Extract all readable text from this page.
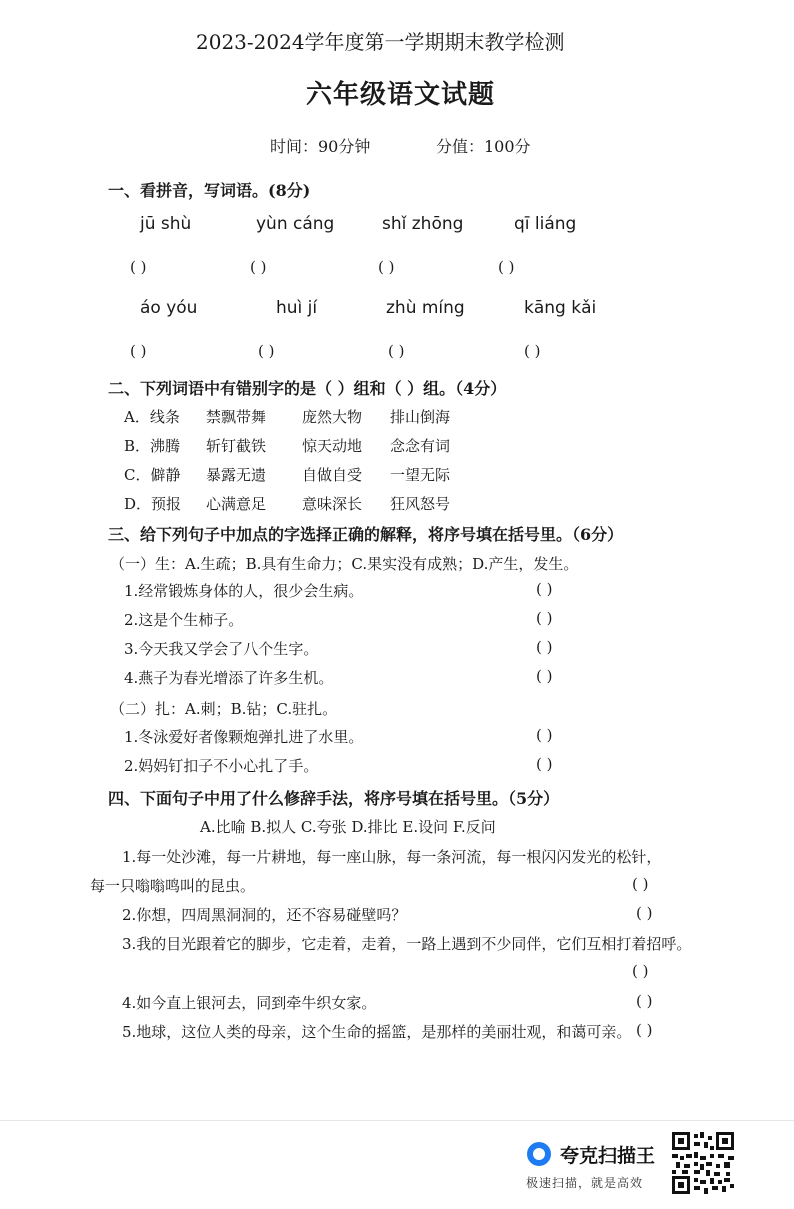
2023-2024学年度第一学期期末教学检测
六年级语文试题
时间：90分钟	分值：100分
一、看拼音，写词语。(8分)
jū shù	yùn cáng	shǐ zhōng	qī liáng
( )	( )	( )	( )
áo yóu	huì jí	zhù míng	kāng kǎi
( )	( )	( )	( )
二、下列词语中有错别字的是（ ）组和（ ）组。（4分）
A．线条 禁飘带舞 庞然大物 排山倒海
B．沸腾 斩钉截铁 惊天动地 念念有词
C．僻静 暴露无遗 自做自受 一望无际
D．预报 心满意足 意味深长 狂风怒号
三、给下列句子中加点的字选择正确的解释，将序号填在括号里。（6分）
（一）生：A.生疏；B.具有生命力；C.果实没有成熟；D.产生，发生。
1.经常锻炼身体的人，很少会生病。	( )
2.这是个生柿子。	( )
3.今天我又学会了八个生字。	( )
4.燕子为春光增添了许多生机。	( )
（二）扎：A.刺；B.钻；C.驻扎。
1.冬泳爱好者像颗炮弹扎进了水里。	( )
2.妈妈钉扣子不小心扎了手。	( )
四、下面句子中用了什么修辞手法，将序号填在括号里。（5分）
A.比喻 B.拟人 C.夸张 D.排比 E.设问 F.反问
1.每一处沙滩，每一片耕地，每一座山脉，每一条河流，每一根闪闪发光的松针，
每一只嗡嗡鸣叫的昆虫。	( )
2.你想，四周黑洞洞的，还不容易碰壁吗？	( )
3.我的目光跟着它的脚步，它走着，走着，一路上遇到不少同伴，它们互相打着招呼。
( )
4.如今直上银河去，同到牵牛织女家。	( )
5.地球，这位人类的母亲，这个生命的摇篮，是那样的美丽壮观，和蔼可亲。 ( )
夸克扫描王
极速扫描，就是高效
